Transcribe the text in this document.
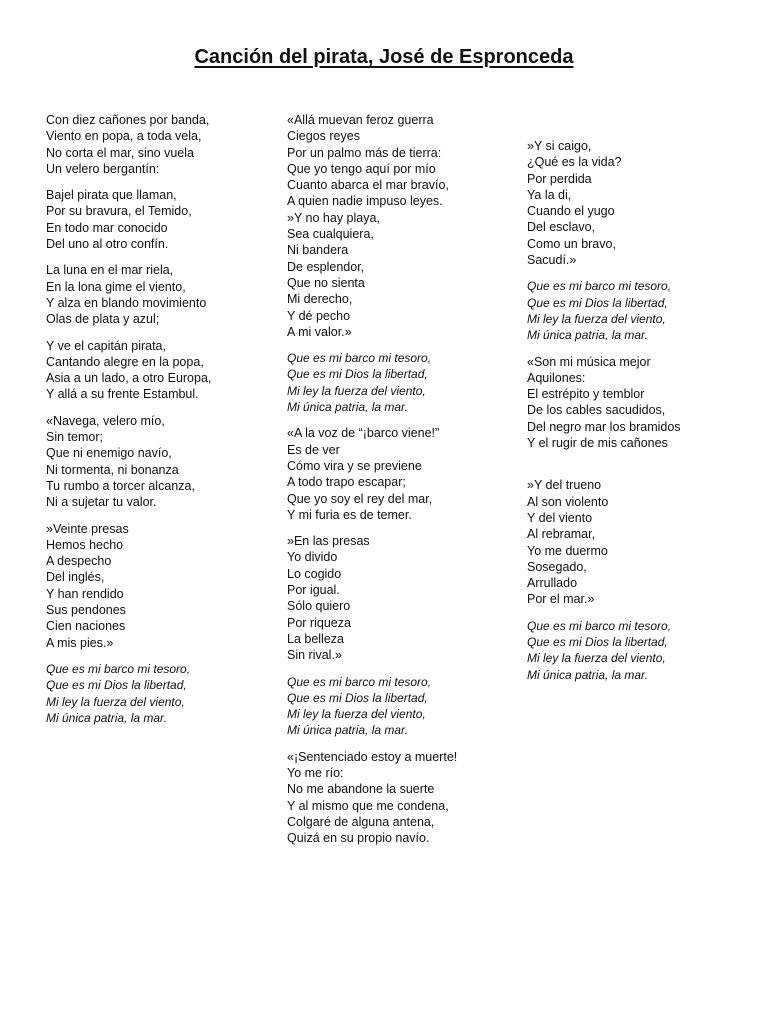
Canción del pirata, José de Espronceda
Con diez cañones por banda,
Viento en popa, a toda vela,
No corta el mar, sino vuela
Un velero bergantín:
Bajel pirata que llaman,
Por su bravura, el Temido,
En todo mar conocido
Del uno al otro confín.
La luna en el mar riela,
En la lona gime el viento,
Y alza en blando movimiento
Olas de plata y azul;
Y ve el capitán pirata,
Cantando alegre en la popa,
Asia a un lado, a otro Europa,
Y allá a su frente Estambul.
«Navega, velero mío,
Sin temor;
Que ni enemigo navío,
Ni tormenta, ni bonanza
Tu rumbo a torcer alcanza,
Ni a sujetar tu valor.
»Veinte presas
Hemos hecho
A despecho
Del inglés,
Y han rendido
Sus pendones
Cien naciones
A mis pies.»
Que es mi barco mi tesoro,
Que es mi Dios la libertad,
Mi ley la fuerza del viento,
Mi única patria, la mar.
«Allá muevan feroz guerra
Ciegos reyes
Por un palmo más de tierra:
Que yo tengo aquí por mío
Cuanto abarca el mar bravío,
A quien nadie impuso leyes.
»Y no hay playa,
Sea cualquiera,
Ni bandera
De esplendor,
Que no sienta
Mi derecho,
Y dé pecho
A mi valor.»
Que es mi barco mi tesoro,
Que es mi Dios la libertad,
Mi ley la fuerza del viento,
Mi única patria, la mar.
«A la voz de “¡barco viene!”
Es de ver
Cómo vira y se previene
A todo trapo escapar;
Que yo soy el rey del mar,
Y mi furia es de temer.
»En las presas
Yo divido
Lo cogido
Por igual.
Sólo quiero
Por riqueza
La belleza
Sin rival.»
Que es mi barco mi tesoro,
Que es mi Dios la libertad,
Mi ley la fuerza del viento,
Mi única patria, la mar.
«¡Sentenciado estoy a muerte!
Yo me río:
No me abandone la suerte
Y al mismo que me condena,
Colgaré de alguna antena,
Quizá en su propio navío.
»Y si caigo,
¿Qué es la vida?
Por perdida
Ya la di,
Cuando el yugo
Del esclavo,
Como un bravo,
Sacudí.»
Que es mi barco mi tesoro,
Que es mi Dios la libertad,
Mi ley la fuerza del viento,
Mi única patria, la mar.
«Son mi música mejor
Aquilones:
El estrépito y temblor
De los cables sacudidos,
Del negro mar los bramidos
Y el rugir de mis cañones
»Y del trueno
Al son violento
Y del viento
Al rebramar,
Yo me duermo
Sosegado,
Arrullado
Por el mar.»
Que es mi barco mi tesoro,
Que es mi Dios la libertad,
Mi ley la fuerza del viento,
Mi única patria, la mar.
